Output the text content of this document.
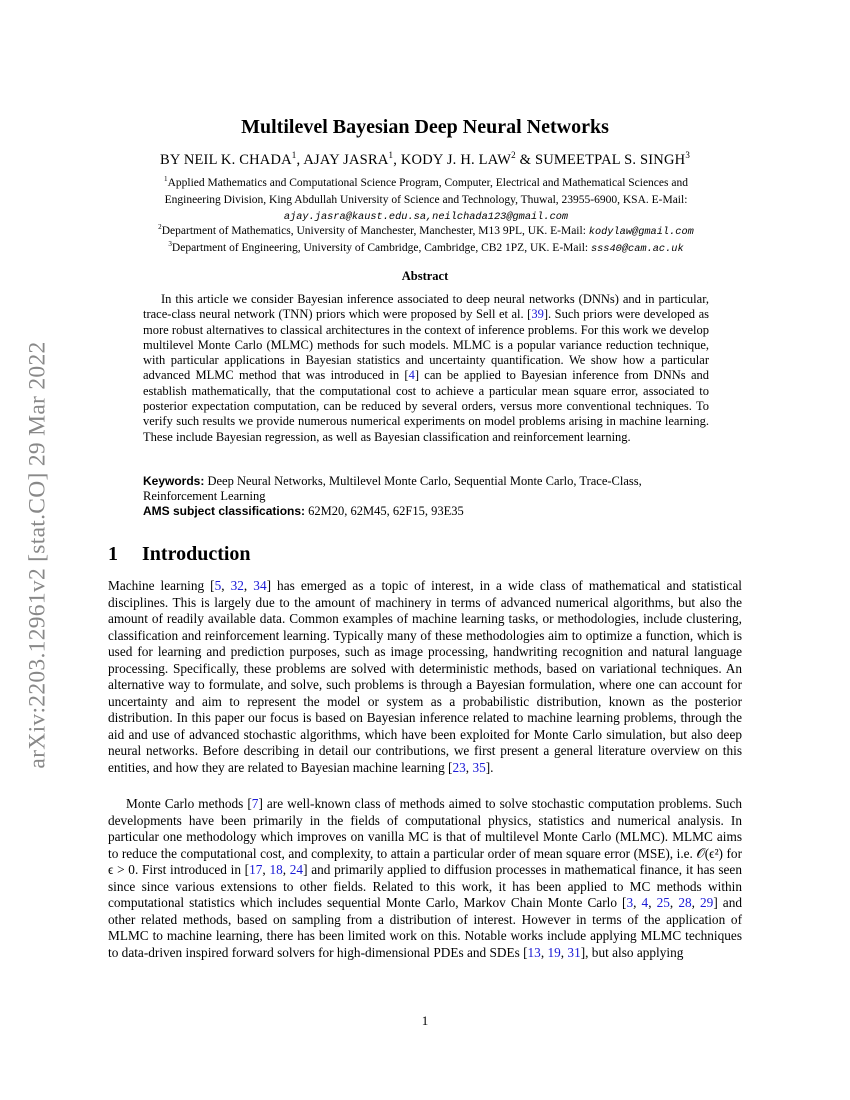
arXiv:2203.12961v2 [stat.CO] 29 Mar 2022
Multilevel Bayesian Deep Neural Networks
BY NEIL K. CHADA$^1$, AJAY JASRA$^1$, KODY J. H. LAW$^2$ & SUMEETPAL S. SINGH$^3$
$^1$Applied Mathematics and Computational Science Program, Computer, Electrical and Mathematical Sciences and
Engineering Division, King Abdullah University of Science and Technology, Thuwal, 23955-6900, KSA. E-Mail:
ajay.jasra@kaust.edu.sa,neilchada123@gmail.com
$^2$Department of Mathematics, University of Manchester, Manchester, M13 9PL, UK. E-Mail: kodylaw@gmail.com
$^3$Department of Engineering, University of Cambridge, Cambridge, CB2 1PZ, UK. E-Mail: sss40@cam.ac.uk
Abstract
In this article we consider Bayesian inference associated to deep neural networks (DNNs) and in particular, trace-class neural network (TNN) priors which were proposed by Sell et al. [39]. Such priors were developed as more robust alternatives to classical architectures in the context of inference problems. For this work we develop multilevel Monte Carlo (MLMC) methods for such models. MLMC is a popular variance reduction technique, with particular applications in Bayesian statistics and uncertainty quantification. We show how a particular advanced MLMC method that was introduced in [4] can be applied to Bayesian inference from DNNs and establish mathematically, that the computational cost to achieve a particular mean square error, associated to posterior expectation computation, can be reduced by several orders, versus more conventional techniques. To verify such results we provide numerous numerical experiments on model problems arising in machine learning. These include Bayesian regression, as well as Bayesian classification and reinforcement learning.
Keywords: Deep Neural Networks, Multilevel Monte Carlo, Sequential Monte Carlo, Trace-Class, Reinforcement Learning
AMS subject classifications: 62M20, 62M45, 62F15, 93E35
1 Introduction

Machine learning [5, 32, 34] has emerged as a topic of interest, in a wide class of mathematical and statistical disciplines. This is largely due to the amount of machinery in terms of advanced numerical algorithms, but also the amount of readily available data. Common examples of machine learning tasks, or methodologies, include clustering, classification and reinforcement learning. Typically many of these methodologies aim to optimize a function, which is used for learning and prediction purposes, such as image processing, handwriting recognition and natural language processing. Specifically, these problems are solved with deterministic methods, based on variational techniques. An alternative way to formulate, and solve, such problems is through a Bayesian formulation, where one can account for uncertainty and aim to represent the model or system as a probabilistic distribution, known as the posterior distribution. In this paper our focus is based on Bayesian inference related to machine learning problems, through the aid and use of advanced stochastic algorithms, which have been exploited for Monte Carlo simulation, but also deep neural networks. Before describing in detail our contributions, we first present a general literature overview on this entities, and how they are related to Bayesian machine learning [23, 35].

Monte Carlo methods [7] are well-known class of methods aimed to solve stochastic computation problems. Such developments have been primarily in the fields of computational physics, statistics and numerical analysis. In particular one methodology which improves on vanilla MC is that of multilevel Monte Carlo (MLMC). MLMC aims to reduce the computational cost, and complexity, to attain a particular order of mean square error (MSE), i.e. 𝒪(ϵ²) for ϵ > 0. First introduced in [17, 18, 24] and primarily applied to diffusion processes in mathematical finance, it has seen since since various extensions to other fields. Related to this work, it has been applied to MC methods within computational statistics which includes sequential Monte Carlo, Markov Chain Monte Carlo [3, 4, 25, 28, 29] and other related methods, based on sampling from a distribution of interest. However in terms of the application of MLMC to machine learning, there has been limited work on this. Notable works include applying MLMC techniques to data-driven inspired forward solvers for high-dimensional PDEs and SDEs [13, 19, 31], but also applying

1
